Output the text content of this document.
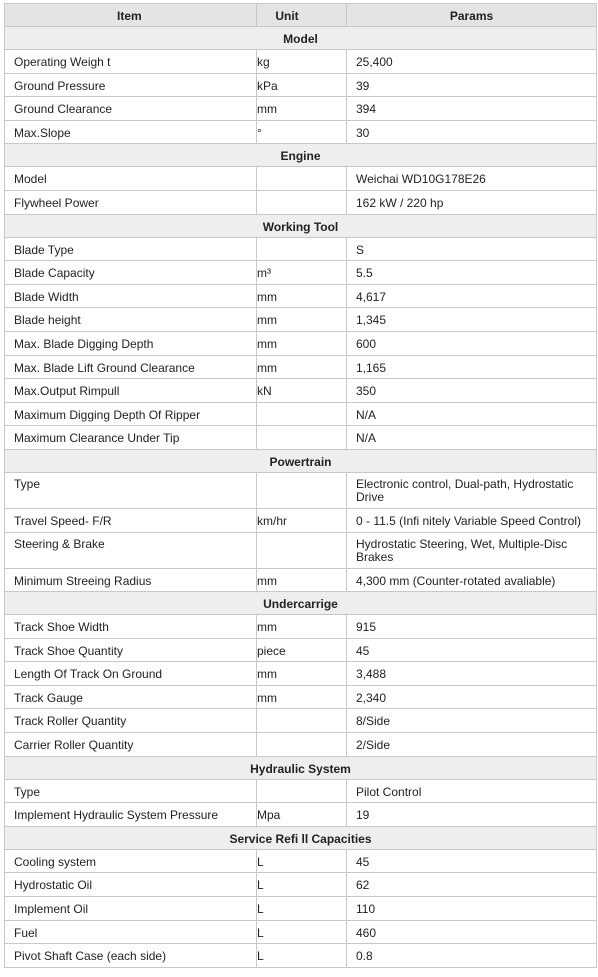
Item	Unit	Params
Model		
Operating Weigh t	kg	25,400
Ground Pressure	kPa	39
Ground Clearance	mm	394
Max.Slope	°	30
Engine		
Model		Weichai WD10G178E26
Flywheel Power		162 kW / 220 hp
Working Tool		
Blade Type		S
Blade Capacity	m³	5.5
Blade Width	mm	4,617
Blade height	mm	1,345
Max. Blade Digging Depth	mm	600
Max. Blade Lift Ground Clearance	mm	1,165
Max.Output Rimpull	kN	350
Maximum Digging Depth Of Ripper		N/A
Maximum Clearance Under Tip		N/A
Powertrain		
Type		Electronic control, Dual-path, Hydrostatic Drive
Travel Speed- F/R	km/hr	0 - 11.5 (Infi nitely Variable Speed Control)
Steering & Brake		Hydrostatic Steering, Wet, Multiple-Disc Brakes
Minimum Streeing Radius	mm	4,300 mm (Counter-rotated avaliable)
Undercarrige		
Track Shoe Width	mm	915
Track Shoe Quantity	piece	45
Length Of Track On Ground	mm	3,488
Track Gauge	mm	2,340
Track Roller Quantity		8/Side
Carrier Roller Quantity		2/Side
Hydraulic System		
Type		Pilot Control
Implement Hydraulic System Pressure	Mpa	19
Service Refi ll Capacities		
Cooling system	L	45
Hydrostatic Oil	L	62
Implement Oil	L	110
Fuel	L	460
Pivot Shaft Case (each side)	L	0.8
